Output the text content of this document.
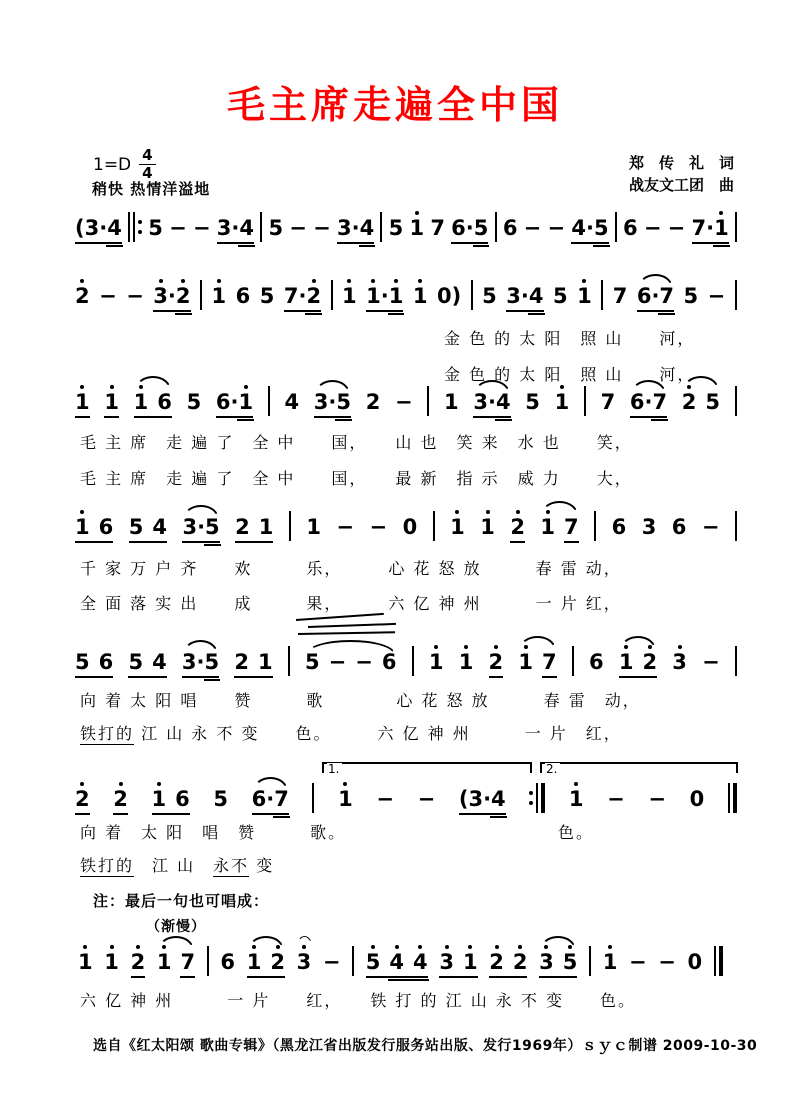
毛主席走遍全中国
$1=D \frac{4}{4}$
稍快 热情洋溢地
郑　传　礼　词
战友文工团　曲
( 3 · 4 5 − − 3 · 4 5 − − 3 · 4 5 1 7 6 · 5 6 − − 4 · 5 6 − − 7 · 1
2 − − 3 · 2 1 6 5 7 · 2 1 1 · 1 1 0 ) 5 3 · 4 5 1 7 6 · 7 5 −
金 色 的 太 阳　照 山　　河，
金 色 的 太 阳　照 山　　河，
1 1 1 6 5 6 · 1 4 3 · 5 2 − 1 3 · 4 5 1 7 6 · 7 2 5
毛 主 席　走 遍 了　全 中　　国，　　山 也　笑 来　水 也　　笑，
毛 主 席　走 遍 了　全 中　　国，　　最 新　指 示　威 力　　大，
1 6 5 4 3 · 5 2 1 1 − − 0 1 1 2 1 7 6 3 6 −
千 家 万 户 齐　　欢　　　乐，　　　心 花 怒 放　　　春 雷 动，
全 面 落 实 出　　成　　　果，　　　六 亿 神 州　　　一 片 红，
5 6 5 4 3 · 5 2 1 5 − − 6 1 1 2 1 7 6 1 2 3 −
向 着 太 阳 唱　　赞　　　歌　　　　心 花 怒 放　　　春 雷　动，
铁打的 江 山 永 不 变　　色。　　　六 亿 神 州　　　一 片　红，
2 2 1 6 5 6 · 7 1 − − ( 3 · 4	1 − − 0
向 着　太 阳　唱　赞　　　歌。	色。
铁打的　江 山　永不 变
1 1 2 1 7 6 1 2 3 − 5 4 4 3 1 2 2 3 5 1 − − 0
六 亿 神 州　　　一 片　　红，　　铁 打 的 江 山 永 不 变　　色。
1.	2.
注：最后一句也可唱成：
（渐慢）
选自《红太阳颂 歌曲专辑》（黑龙江省出版发行服务站出版、发行1969年）ｓｙｃ制谱 2009-10-30
